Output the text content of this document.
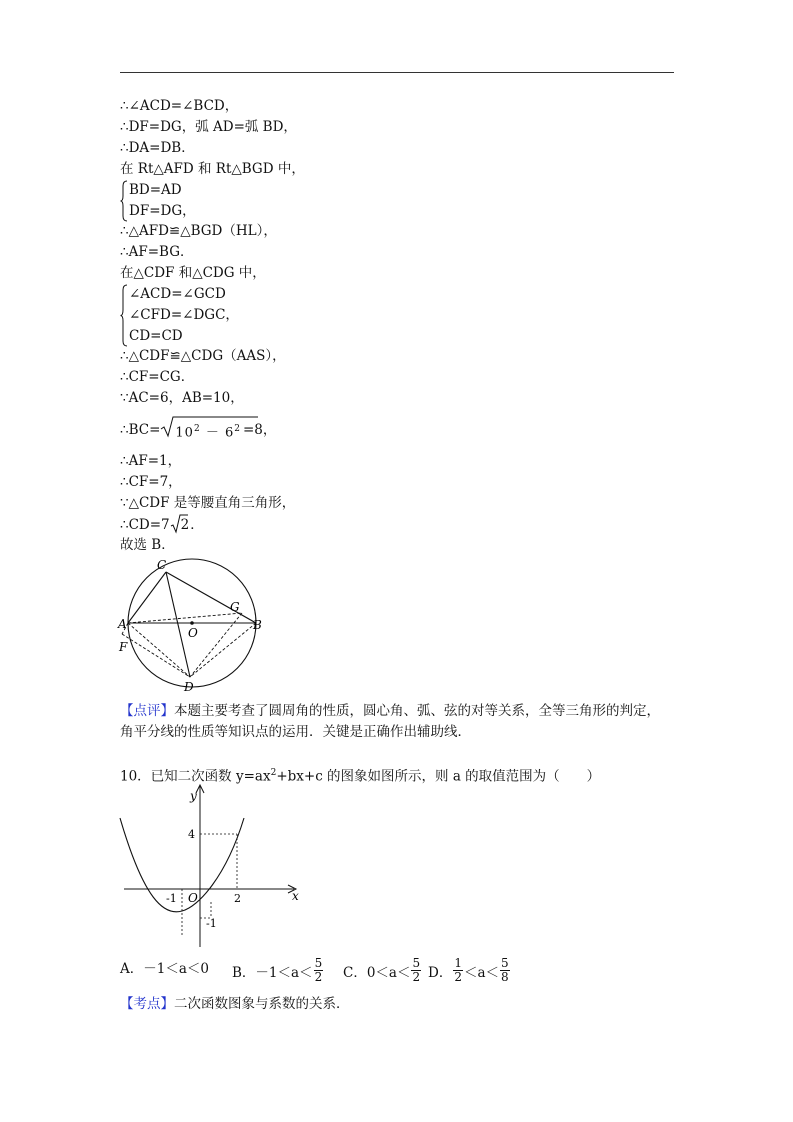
∴∠ACD=∠BCD，
∴DF=DG，弧 AD=弧 BD，
∴DA=DB．
在 Rt△AFD 和 Rt△BGD 中，
BD=AD
DF=DG，
∴△AFD≌△BGD（HL），
∴AF=BG．
在△CDF 和△CDG 中，
∠ACD=∠GCD
∠CFD=∠DGC，
CD=CD
∴△CDF≌△CDG（AAS），
∴CF=CG．
∵AC=6，AB=10，
∴BC=	$10^2 - 6^2 =8$，
∴AF=1，
∴CF=7，
∵△CDF 是等腰直角三角形，
∴CD=7 2 ．
故选 B．
C
G
A
O
B
F
D
【点评】本题主要考查了圆周角的性质，圆心角、弧、弦的对等关系，全等三角形的判定，
角平分线的性质等知识点的运用．关键是正确作出辅助线．
10．已知二次函数 $y=ax^2+bx+c$ 的图象如图所示，则 a 的取值范围为（　　）
y
x
4
-1 O	2
-1
A．－1＜a＜0 B．$-1<a< \frac{5}{2}$ C．$0<a< \frac{5}{2}$ D． $\frac{1}{2} <a< \frac{5}{8}$
【考点】二次函数图象与系数的关系．
